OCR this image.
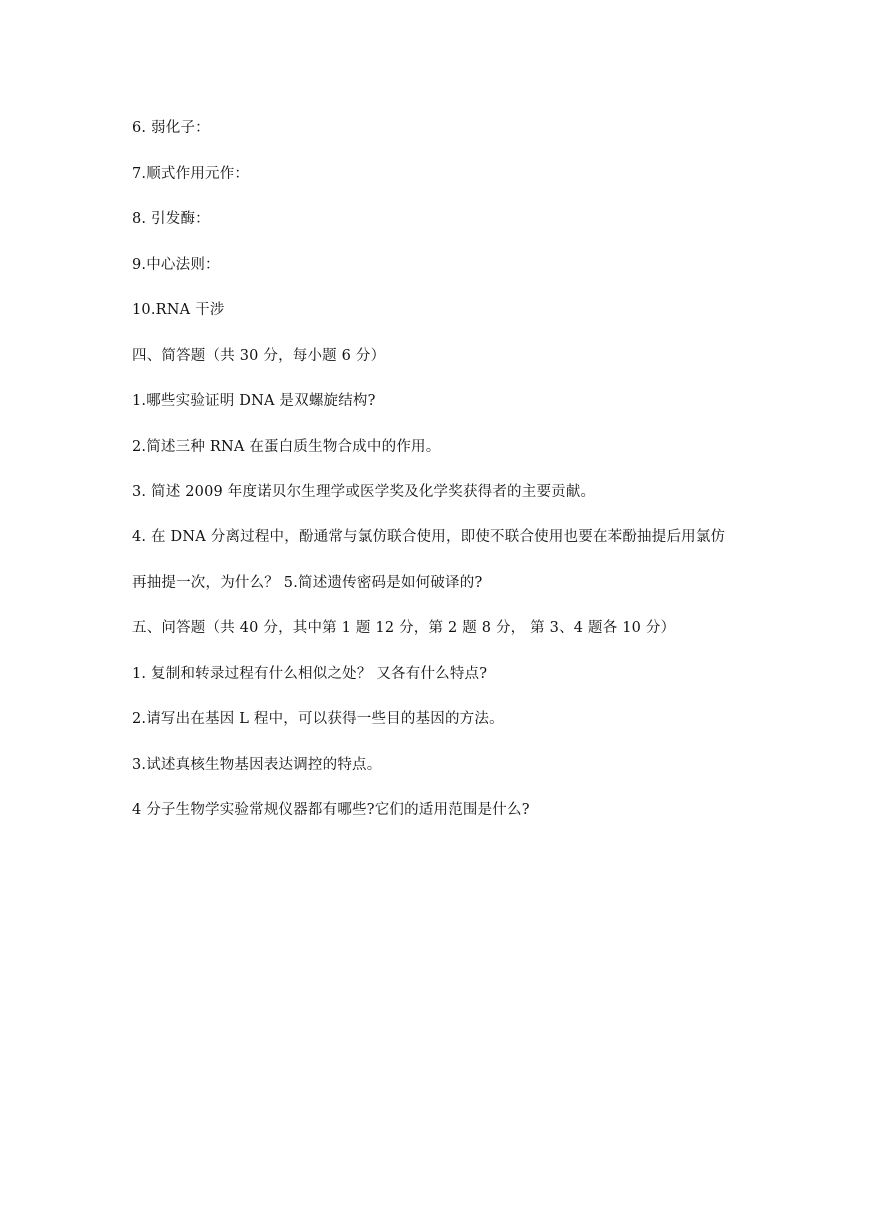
6. 弱化子：
7.顺式作用元作：
8. 引发酶：
9.中心法则：
10.RNA 干涉
四、简答题（共 30 分，每小题 6 分）
1.哪些实验证明 DNA 是双螺旋结构?
2.简述三种 RNA 在蛋白质生物合成中的作用。
3. 简述 2009 年度诺贝尔生理学或医学奖及化学奖获得者的主要贡献。
4. 在 DNA 分离过程中，酚通常与氯仿联合使用，即使不联合使用也要在苯酚抽提后用氯仿
再抽提一次，为什么？ 5.简述遗传密码是如何破译的?
五、问答题（共 40 分，其中第 1 题 12 分，第 2 题 8 分， 第 3、4 题各 10 分）
1. 复制和转录过程有什么相似之处？ 又各有什么特点?
2.请写出在基因 L 程中，可以获得一些目的基因的方法。
3.试述真核生物基因表达调控的特点。
4 分子生物学实验常规仪器都有哪些?它们的适用范围是什么?
